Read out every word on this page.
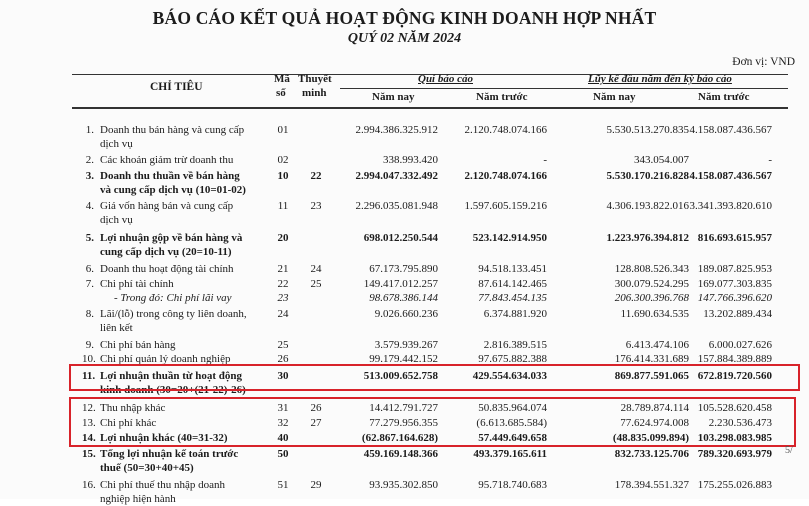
BÁO CÁO KẾT QUẢ HOẠT ĐỘNG KINH DOANH HỢP NHẤT
QUÝ 02 NĂM 2024
Đơn vị: VND
CHỈ TIÊU
Mã
số
Thuyết
minh
Quí báo cáo	Lũy kế đầu năm đến kỳ báo cáo
Năm nay	Năm trước	Năm nay	Năm trước
1. Doanh thu bán hàng và cung cấp	01	2.994.386.325.912 2.120.748.074.166	5.530.513.270.835 4.158.087.436.567
dịch vụ
2. Các khoản giảm trừ doanh thu	02	338.993.420	-	343.054.007	-
3. Doanh thu thuần về bán hàng	10	22	2.994.047.332.492 2.120.748.074.166	5.530.170.216.828 4.158.087.436.567
và cung cấp dịch vụ (10=01-02)
4. Giá vốn hàng bán và cung cấp	11	23	2.296.035.081.948 1.597.605.159.216	4.306.193.822.016 3.341.393.820.610
dịch vụ
5. Lợi nhuận gộp về bán hàng và	20	698.012.250.544	523.142.914.950	1.223.976.394.812 816.693.615.957
cung cấp dịch vụ (20=10-11)
6. Doanh thu hoạt động tài chính	21	24	67.173.795.890	94.518.133.451	128.808.526.343 189.087.825.953
7. Chi phí tài chính	22	25	149.417.012.257	87.614.142.465	300.079.524.295 169.077.303.835
- Trong đó: Chi phí lãi vay	23	98.678.386.144	77.843.454.135	206.300.396.768 147.766.396.620
8. Lãi/(lỗ) trong công ty liên doanh,	24	9.026.660.236	6.374.881.920	11.690.634.535 13.202.889.434
liên kết
9. Chi phí bán hàng	25	3.579.939.267	2.816.389.515	6.413.474.106 6.000.027.626
10. Chi phí quản lý doanh nghiệp	26	99.179.442.152	97.675.882.388	176.414.331.689 157.884.389.889
11. Lợi nhuận thuần từ hoạt động	30	513.009.652.758	429.554.634.033	869.877.591.065 672.819.720.560
kinh doanh (30=20+(21-22)-26)
12. Thu nhập khác	31	26	14.412.791.727	50.835.964.074	28.789.874.114 105.528.620.458
13. Chi phí khác	32	27	77.279.956.355	(6.613.685.584)	77.624.974.008 2.230.536.473
14. Lợi nhuận khác (40=31-32)	40	(62.867.164.628)	57.449.649.658	(48.835.099.894) 103.298.083.985
15. Tổng lợi nhuận kế toán trước	50	459.169.148.366	493.379.165.611	832.733.125.706 789.320.693.979
thuế (50=30+40+45)
16. Chi phí thuế thu nhập doanh	51	29	93.935.302.850	95.718.740.683	178.394.551.327 175.255.026.883
nghiệp hiện hành
5/
